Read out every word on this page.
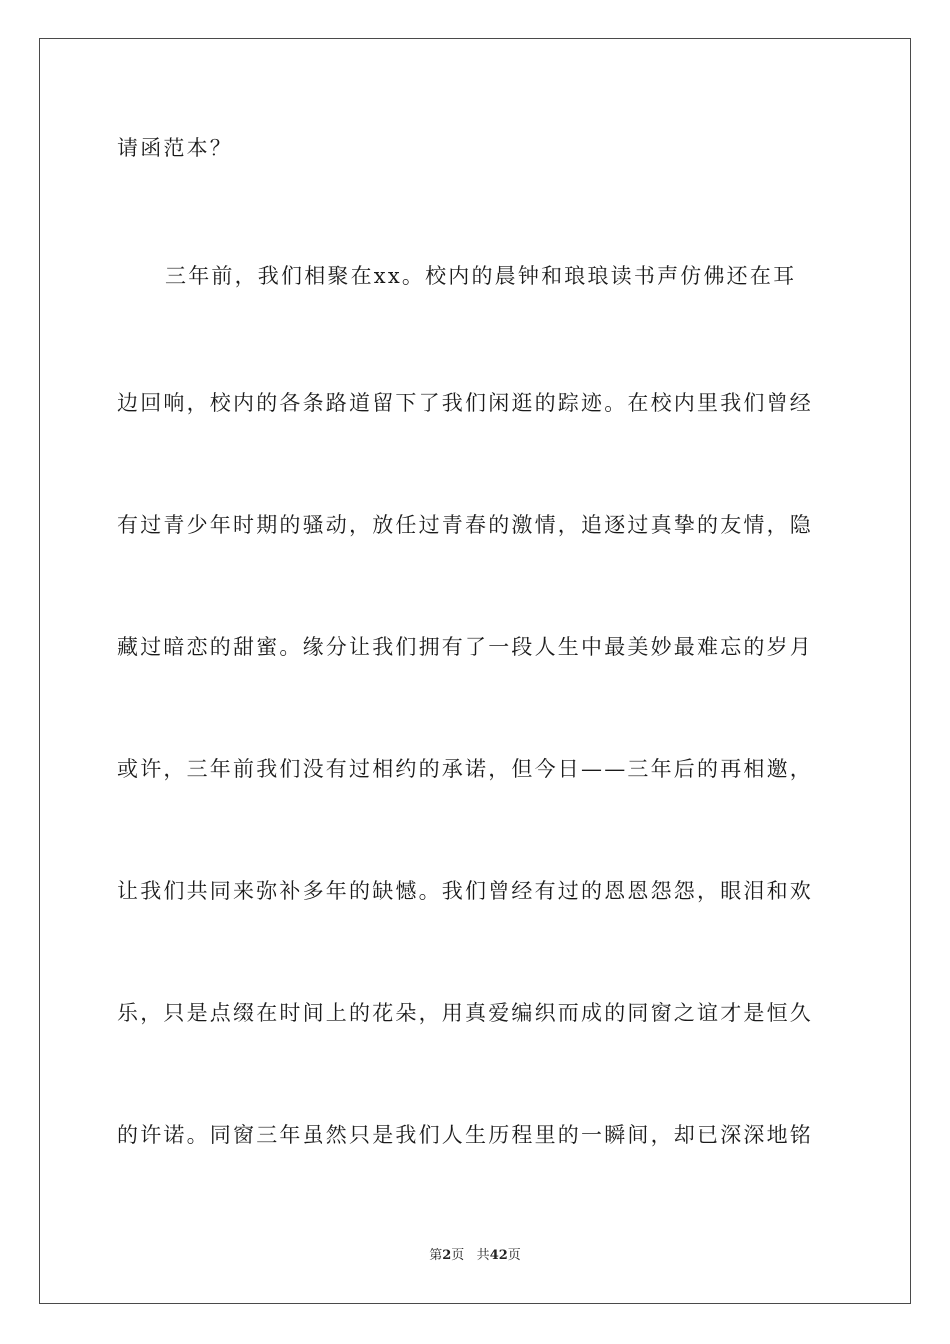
请函范本？
三年前，我们相聚在xx。校内的晨钟和琅琅读书声仿佛还在耳
边回响，校内的各条路道留下了我们闲逛的踪迹。在校内里我们曾经
有过青少年时期的骚动，放任过青春的激情，追逐过真挚的友情，隐
藏过暗恋的甜蜜。缘分让我们拥有了一段人生中最美妙最难忘的岁月
或许，三年前我们没有过相约的承诺，但今日——三年后的再相邀，
让我们共同来弥补多年的缺憾。我们曾经有过的恩恩怨怨，眼泪和欢
乐，只是点缀在时间上的花朵，用真爱编织而成的同窗之谊才是恒久
的许诺。同窗三年虽然只是我们人生历程里的一瞬间，却已深深地铭
第2页 共42页
